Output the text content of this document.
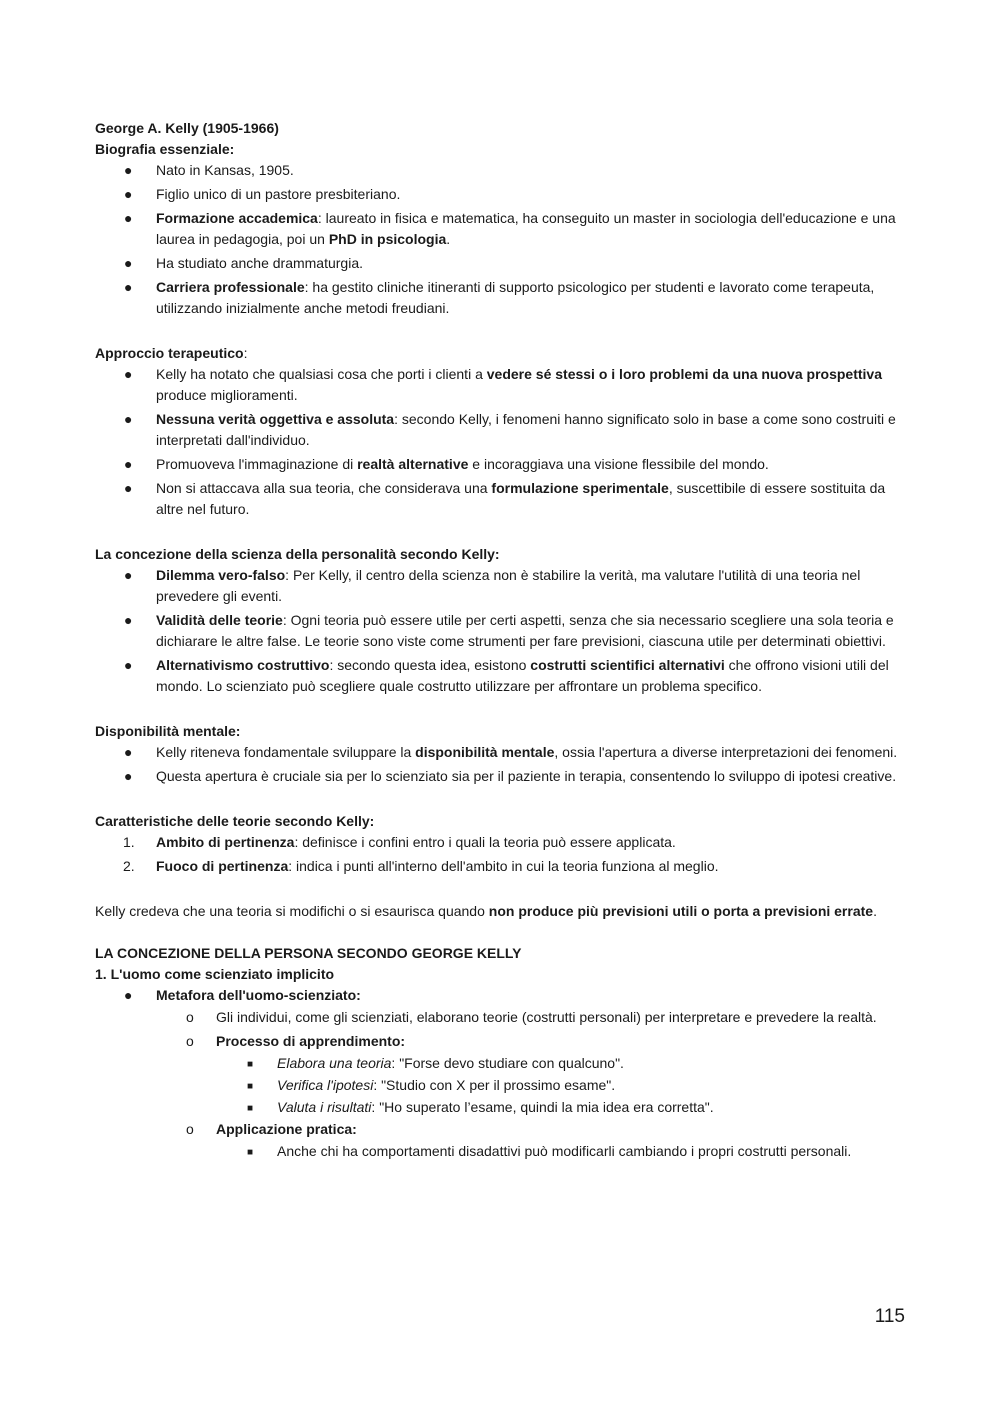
George A. Kelly (1905-1966)

Biografia essenziale:

● Nato in Kansas, 1905.
● Figlio unico di un pastore presbiteriano.
● Formazione accademica: laureato in fisica e matematica, ha conseguito un master in sociologia dell'educazione e una laurea in pedagogia, poi un PhD in psicologia.
● Ha studiato anche drammaturgia.
● Carriera professionale: ha gestito cliniche itineranti di supporto psicologico per studenti e lavorato come terapeuta, utilizzando inizialmente anche metodi freudiani.

Approccio terapeutico:

● Kelly ha notato che qualsiasi cosa che porti i clienti a vedere sé stessi o i loro problemi da una nuova prospettiva produce miglioramenti.
● Nessuna verità oggettiva e assoluta: secondo Kelly, i fenomeni hanno significato solo in base a come sono costruiti e interpretati dall'individuo.
● Promuoveva l'immaginazione di realtà alternative e incoraggiava una visione flessibile del mondo.
● Non si attaccava alla sua teoria, che considerava una formulazione sperimentale, suscettibile di essere sostituita da altre nel futuro.

La concezione della scienza della personalità secondo Kelly:

● Dilemma vero-falso: Per Kelly, il centro della scienza non è stabilire la verità, ma valutare l'utilità di una teoria nel prevedere gli eventi.
● Validità delle teorie: Ogni teoria può essere utile per certi aspetti, senza che sia necessario scegliere una sola teoria e dichiarare le altre false. Le teorie sono viste come strumenti per fare previsioni, ciascuna utile per determinati obiettivi.
● Alternativismo costruttivo: secondo questa idea, esistono costrutti scientifici alternativi che offrono visioni utili del mondo. Lo scienziato può scegliere quale costrutto utilizzare per affrontare un problema specifico.

Disponibilità mentale:

● Kelly riteneva fondamentale sviluppare la disponibilità mentale, ossia l'apertura a diverse interpretazioni dei fenomeni.
● Questa apertura è cruciale sia per lo scienziato sia per il paziente in terapia, consentendo lo sviluppo di ipotesi creative.

Caratteristiche delle teorie secondo Kelly:

1. Ambito di pertinenza: definisce i confini entro i quali la teoria può essere applicata.
2. Fuoco di pertinenza: indica i punti all'interno dell'ambito in cui la teoria funziona al meglio.

Kelly credeva che una teoria si modifichi o si esaurisca quando non produce più previsioni utili o porta a previsioni errate.

LA CONCEZIONE DELLA PERSONA SECONDO GEORGE KELLY

1. L'uomo come scienziato implicito

● Metafora dell'uomo-scienziato:
o Gli individui, come gli scienziati, elaborano teorie (costrutti personali) per interpretare e prevedere la realtà.
o Processo di apprendimento:
■ Elabora una teoria: "Forse devo studiare con qualcuno".
■ Verifica l'ipotesi: "Studio con X per il prossimo esame".
■ Valuta i risultati: "Ho superato l’esame, quindi la mia idea era corretta".
o Applicazione pratica:
■ Anche chi ha comportamenti disadattivi può modificarli cambiando i propri costrutti personali.
115
